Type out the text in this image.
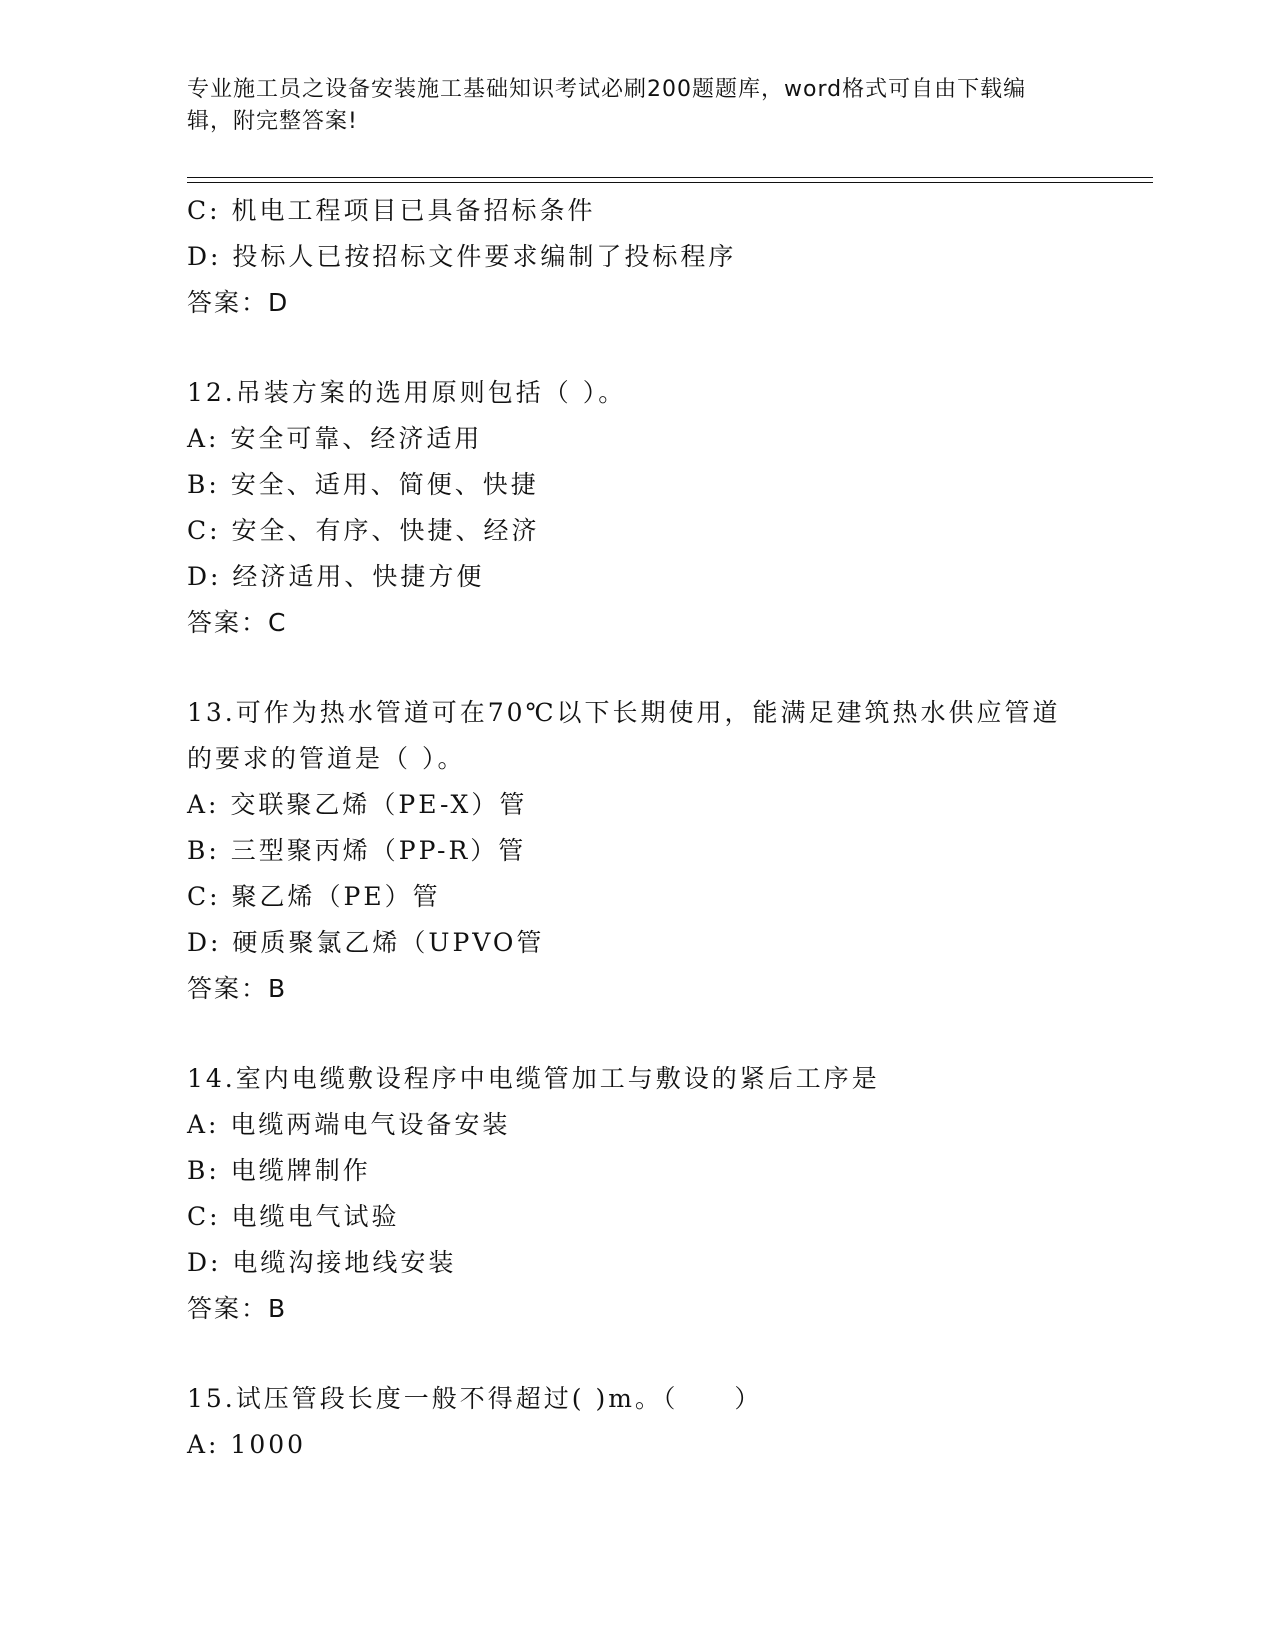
专业施工员之设备安装施工基础知识考试必刷200题题库，word格式可自由下载编辑，附完整答案!
C: 机电工程项目已具备招标条件
D: 投标人已按招标文件要求编制了投标程序
答案：D
12.吊装方案的选用原则包括（ ）。
A: 安全可靠、经济适用
B: 安全、适用、简便、快捷
C: 安全、有序、快捷、经济
D: 经济适用、快捷方便
答案：C
13.可作为热水管道可在70℃以下长期使用，能满足建筑热水供应管道的要求的管道是（ ）。
A: 交联聚乙烯（PE-X）管
B: 三型聚丙烯（PP-R）管
C: 聚乙烯（PE）管
D: 硬质聚氯乙烯（UPVO管
答案：B
14.室内电缆敷设程序中电缆管加工与敷设的紧后工序是
A: 电缆两端电气设备安装
B: 电缆牌制作
C: 电缆电气试验
D: 电缆沟接地线安装
答案：B
15.试压管段长度一般不得超过( )m。（　　）
A: 1000
